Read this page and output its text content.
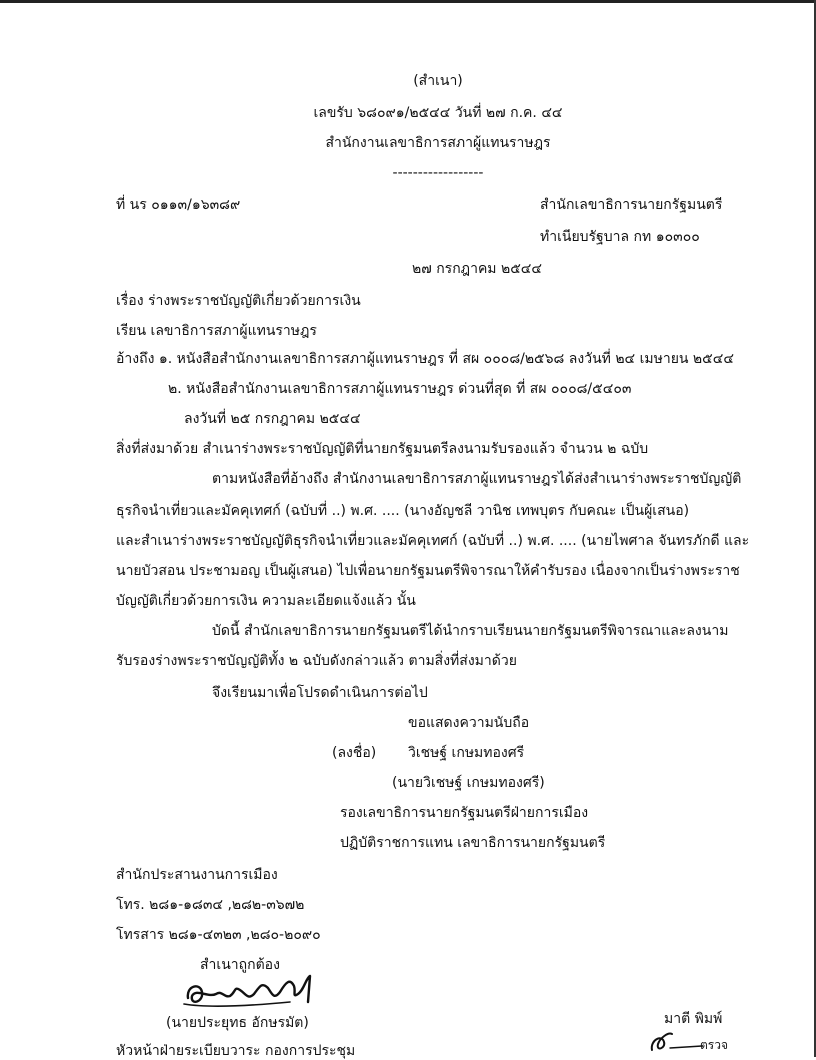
(สำเนา)
เลขรับ ๖๘๐๙๑/๒๕๔๔ วันที่ ๒๗ ก.ค. ๔๔
สำนักงานเลขาธิการสภาผู้แทนราษฎร
------------------
ที่ นร ๐๑๑๓/๑๖๓๘๙	สำนักเลขาธิการนายกรัฐมนตรี
ทำเนียบรัฐบาล กท ๑๐๓๐๐
๒๗ กรกฎาคม ๒๕๔๔
เรื่อง ร่างพระราชบัญญัติเกี่ยวด้วยการเงิน
เรียน เลขาธิการสภาผู้แทนราษฎร
อ้างถึง ๑. หนังสือสำนักงานเลขาธิการสภาผู้แทนราษฎร ที่ สผ ๐๐๐๘/๒๕๖๘ ลงวันที่ ๒๔ เมษายน ๒๕๔๔
๒. หนังสือสำนักงานเลขาธิการสภาผู้แทนราษฎร ด่วนที่สุด ที่ สผ ๐๐๐๘/๕๔๐๓
ลงวันที่ ๒๕ กรกฎาคม ๒๕๔๔
สิ่งที่ส่งมาด้วย สำเนาร่างพระราชบัญญัติที่นายกรัฐมนตรีลงนามรับรองแล้ว จำนวน ๒ ฉบับ
ตามหนังสือที่อ้างถึง สำนักงานเลขาธิการสภาผู้แทนราษฎรได้ส่งสำเนาร่างพระราชบัญญัติ
ธุรกิจนำเที่ยวและมัคคุเทศก์ (ฉบับที่ ..) พ.ศ. .... (นางอัญชลี วานิช เทพบุตร กับคณะ เป็นผู้เสนอ)
และสำเนาร่างพระราชบัญญัติธุรกิจนำเที่ยวและมัคคุเทศก์ (ฉบับที่ ..) พ.ศ. .... (นายไพศาล จันทรภักดี และ
นายบัวสอน ประชามอญ เป็นผู้เสนอ) ไปเพื่อนายกรัฐมนตรีพิจารณาให้คำรับรอง เนื่องจากเป็นร่างพระราช
บัญญัติเกี่ยวด้วยการเงิน ความละเอียดแจ้งแล้ว นั้น
บัดนี้ สำนักเลขาธิการนายกรัฐมนตรีได้นำกราบเรียนนายกรัฐมนตรีพิจารณาและลงนาม
รับรองร่างพระราชบัญญัติทั้ง ๒ ฉบับดังกล่าวแล้ว ตามสิ่งที่ส่งมาด้วย
จึงเรียนมาเพื่อโปรดดำเนินการต่อไป
ขอแสดงความนับถือ
(ลงชื่อ) วิเชษฐ์ เกษมทองศรี
(นายวิเชษฐ์ เกษมทองศรี)
รองเลขาธิการนายกรัฐมนตรีฝ่ายการเมือง
ปฏิบัติราชการแทน เลขาธิการนายกรัฐมนตรี
สำนักประสานงานการเมือง
โทร. ๒๘๑-๑๘๓๔ ,๒๘๒-๓๖๗๒
โทรสาร ๒๘๑-๔๓๒๓ ,๒๘๐-๒๐๙๐
สำเนาถูกต้อง
(นายประยุทธ อักษรมัต)
หัวหน้าฝ่ายระเบียบวาระ กองการประชุม
มาตี พิมพ์
ตรวจ
